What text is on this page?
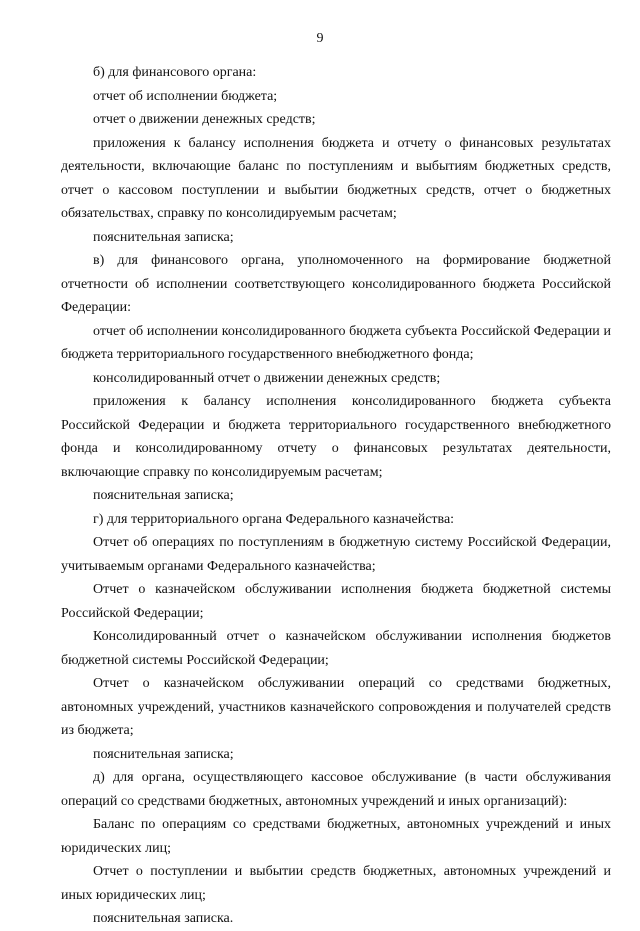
9

б) для финансового органа:

отчет об исполнении бюджета;

отчет о движении денежных средств;

приложения к балансу исполнения бюджета и отчету о финансовых результатах деятельности, включающие баланс по поступлениям и выбытиям бюджетных средств, отчет о кассовом поступлении и выбытии бюджетных средств, отчет о бюджетных обязательствах, справку по консолидируемым расчетам;

пояснительная записка;

в) для финансового органа, уполномоченного на формирование бюджетной отчетности об исполнении соответствующего консолидированного бюджета Российской Федерации:

отчет об исполнении консолидированного бюджета субъекта Российской Федерации и бюджета территориального государственного внебюджетного фонда;

консолидированный отчет о движении денежных средств;

приложения к балансу исполнения консолидированного бюджета субъекта Российской Федерации и бюджета территориального государственного внебюджетного фонда и консолидированному отчету о финансовых результатах деятельности, включающие справку по консолидируемым расчетам;

пояснительная записка;

г) для территориального органа Федерального казначейства:

Отчет об операциях по поступлениям в бюджетную систему Российской Федерации, учитываемым органами Федерального казначейства;

Отчет о казначейском обслуживании исполнения бюджета бюджетной системы Российской Федерации;

Консолидированный отчет о казначейском обслуживании исполнения бюджетов бюджетной системы Российской Федерации;

Отчет о казначейском обслуживании операций со средствами бюджетных, автономных учреждений, участников казначейского сопровождения и получателей средств из бюджета;

пояснительная записка;

д) для органа, осуществляющего кассовое обслуживание (в части обслуживания операций со средствами бюджетных, автономных учреждений и иных организаций):

Баланс по операциям со средствами бюджетных, автономных учреждений и иных юридических лиц;

Отчет о поступлении и выбытии средств бюджетных, автономных учреждений и иных юридических лиц;

пояснительная записка.
